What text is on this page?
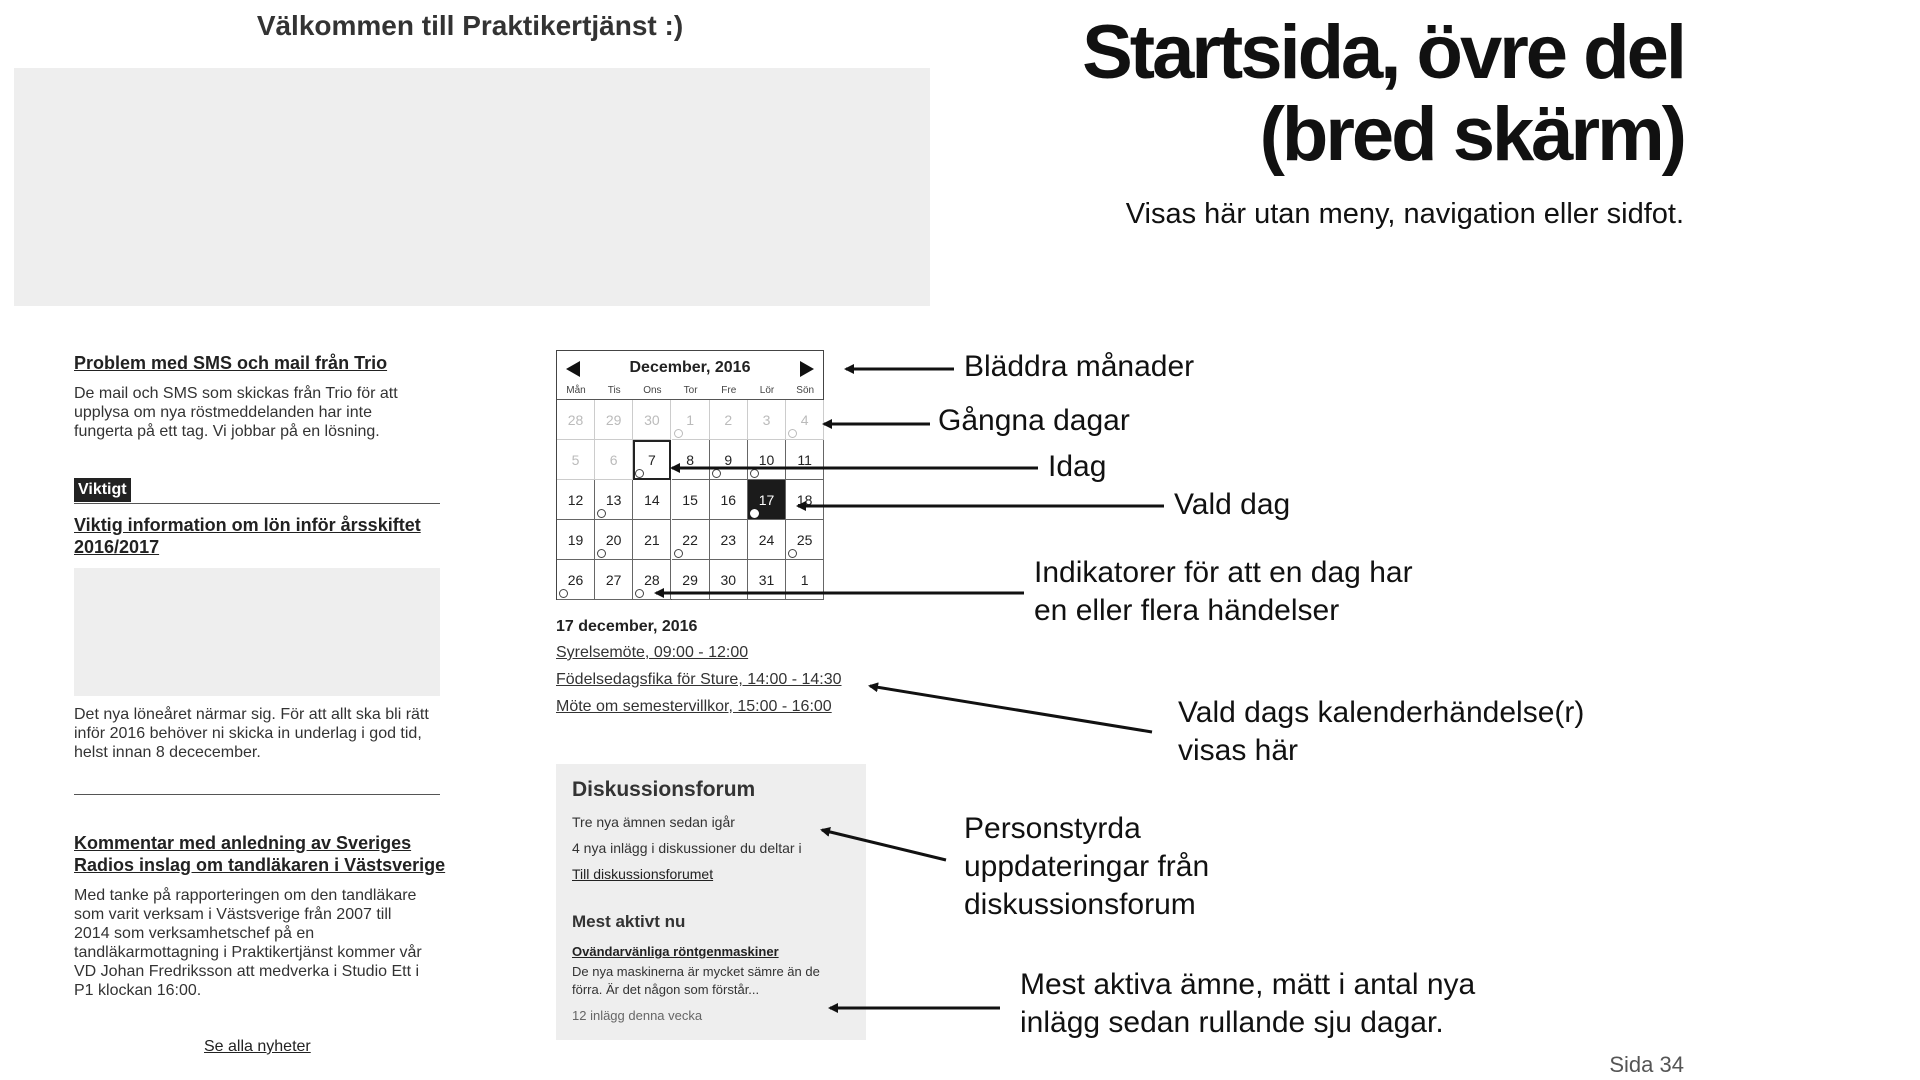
Välkommen till Praktikertjänst :)
Problem med SMS och mail från Trio
De mail och SMS som skickas från Trio för att
upplysa om nya röstmeddelanden har inte
fungerta på ett tag. Vi jobbar på en lösning.
Viktigt
Viktig information om lön inför årsskiftet
2016/2017
Det nya löneåret närmar sig. För att allt ska bli rätt
inför 2016 behöver ni skicka in underlag i god tid,
helst innan 8 dececember.
Kommentar med anledning av Sveriges
Radios inslag om tandläkaren i Västsverige
Med tanke på rapporteringen om den tandläkare
som varit verksam i Västsverige från 2007 till
2014 som verksamhetschef på en
tandläkarmottagning i Praktikertjänst kommer vår
VD Johan Fredriksson att medverka i Studio Ett i
P1 klockan 16:00.
Se alla nyheter
December, 2016
Mån	Tis	Ons	Tor	Fre	Lör	Sön
28	29	30	1	2	3	4
5	6	7	8	9	10	11
12	13	14	15	16	17	18
19	20	21	22	23	24	25
26	27	28	29	30	31	1
17 december, 2016
Syrelsemöte, 09:00 - 12:00
Födelsedagsfika för Sture, 14:00 - 14:30
Möte om semestervillkor, 15:00 - 16:00
Diskussionsforum
Tre nya ämnen sedan igår
4 nya inlägg i diskussioner du deltar i
Till diskussionsforumet
Mest aktivt nu
Ovändarvänliga röntgenmaskiner
De nya maskinerna är mycket sämre än de
förra. Är det någon som förstår...
12 inlägg denna vecka
Startsida, övre del
(bred skärm)
Visas här utan meny, navigation eller sidfot.
Bläddra månader
Gångna dagar
Idag
Vald dag
Indikatorer för att en dag har
en eller flera händelser
Vald dags kalenderhändelse(r)
visas här
Personstyrda
uppdateringar från
diskussionsforum
Mest aktiva ämne, mätt i antal nya
inlägg sedan rullande sju dagar.
Sida 34
